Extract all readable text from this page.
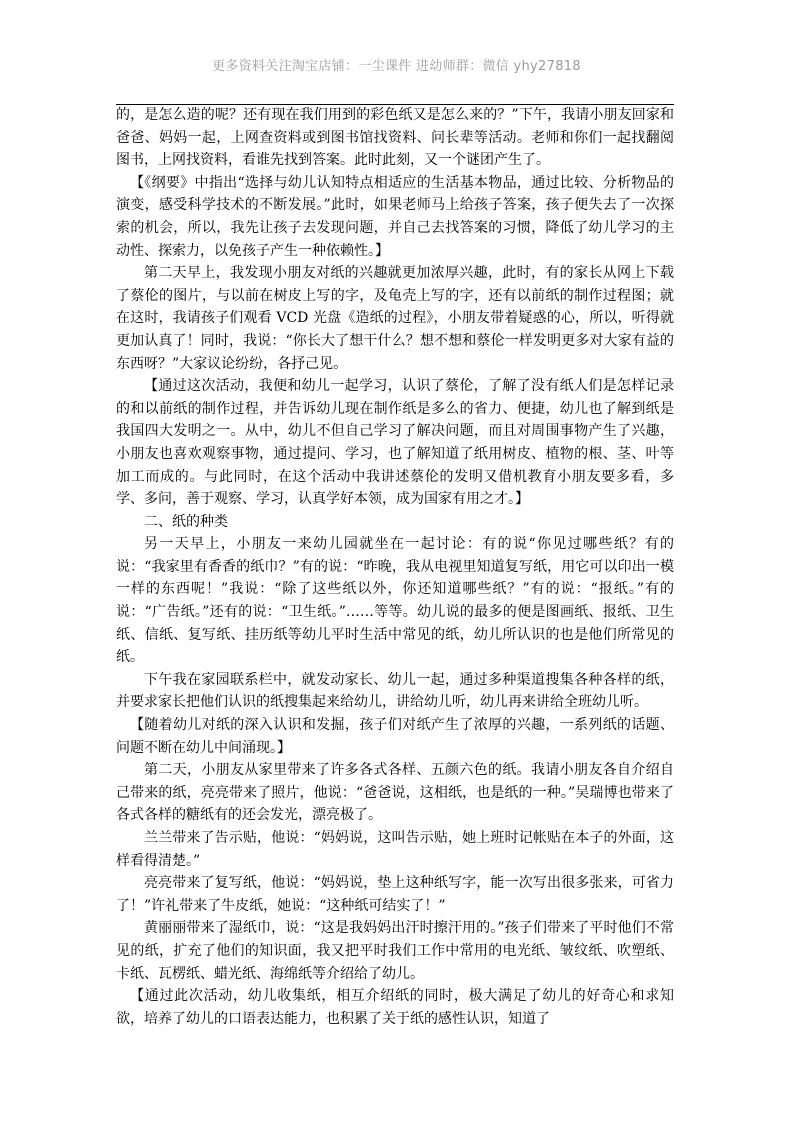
更多资料关注淘宝店铺：一尘课件 进幼师群：微信 yhy27818

的，是怎么造的呢？还有现在我们用到的彩色纸又是怎么来的？”下午，我请小朋友回家和爸爸、妈妈一起，上网查资料或到图书馆找资料、问长辈等活动。老师和你们一起找翻阅图书，上网找资料，看谁先找到答案。此时此刻，又一个谜团产生了。

【《纲要》中指出“选择与幼儿认知特点相适应的生活基本物品，通过比较、分析物品的演变，感受科学技术的不断发展。”此时，如果老师马上给孩子答案，孩子便失去了一次探索的机会，所以，我先让孩子去发现问题，并自己去找答案的习惯，降低了幼儿学习的主动性、探索力，以免孩子产生一种依赖性。】

第二天早上，我发现小朋友对纸的兴趣就更加浓厚兴趣，此时，有的家长从网上下载了蔡伦的图片，与以前在树皮上写的字，及龟壳上写的字，还有以前纸的制作过程图；就在这时，我请孩子们观看 VCD 光盘《造纸的过程》，小朋友带着疑惑的心，所以，听得就更加认真了！同时，我说：“你长大了想干什么？想不想和蔡伦一样发明更多对大家有益的东西呀？”大家议论纷纷，各抒己见。

【通过这次活动，我便和幼儿一起学习，认识了蔡伦，了解了没有纸人们是怎样记录的和以前纸的制作过程，并告诉幼儿现在制作纸是多么的省力、便捷，幼儿也了解到纸是我国四大发明之一。从中，幼儿不但自己学习了解决问题，而且对周围事物产生了兴趣，小朋友也喜欢观察事物，通过提问、学习，也了解知道了纸用树皮、植物的根、茎、叶等加工而成的。与此同时，在这个活动中我讲述蔡伦的发明又借机教育小朋友要多看，多学、多问，善于观察、学习，认真学好本领，成为国家有用之才。】

二、纸的种类

另一天早上，小朋友一来幼儿园就坐在一起讨论：有的说“你见过哪些纸？有的说：“我家里有香香的纸巾？”有的说：“昨晚，我从电视里知道复写纸，用它可以印出一模一样的东西呢！”我说：“除了这些纸以外，你还知道哪些纸？”有的说：“报纸。”有的说：“广告纸。”还有的说：“卫生纸。”……等等。幼儿说的最多的便是图画纸、报纸、卫生纸、信纸、复写纸、挂历纸等幼儿平时生活中常见的纸，幼儿所认识的也是他们所常见的纸。

下午我在家园联系栏中，就发动家长、幼儿一起，通过多种渠道搜集各种各样的纸，并要求家长把他们认识的纸搜集起来给幼儿，讲给幼儿听，幼儿再来讲给全班幼儿听。

【随着幼儿对纸的深入认识和发掘，孩子们对纸产生了浓厚的兴趣，一系列纸的话题、问题不断在幼儿中间涌现。】

第二天，小朋友从家里带来了许多各式各样、五颜六色的纸。我请小朋友各自介绍自己带来的纸，亮亮带来了照片，他说：“爸爸说，这相纸，也是纸的一种。”吴瑞博也带来了各式各样的糖纸有的还会发光，漂亮极了。

兰兰带来了告示贴，他说：“妈妈说，这叫告示贴，她上班时记帐贴在本子的外面，这样看得清楚。”

亮亮带来了复写纸，他说：“妈妈说，垫上这种纸写字，能一次写出很多张来，可省力了！”许礼带来了牛皮纸，她说：“这种纸可结实了！”

黄丽丽带来了湿纸巾，说：“这是我妈妈出汗时擦汗用的。”孩子们带来了平时他们不常见的纸，扩充了他们的知识面，我又把平时我们工作中常用的电光纸、皱纹纸、吹塑纸、卡纸、瓦楞纸、蜡光纸、海绵纸等介绍给了幼儿。

【通过此次活动，幼儿收集纸，相互介绍纸的同时，极大满足了幼儿的好奇心和求知欲，培养了幼儿的口语表达能力，也积累了关于纸的感性认识，知道了
